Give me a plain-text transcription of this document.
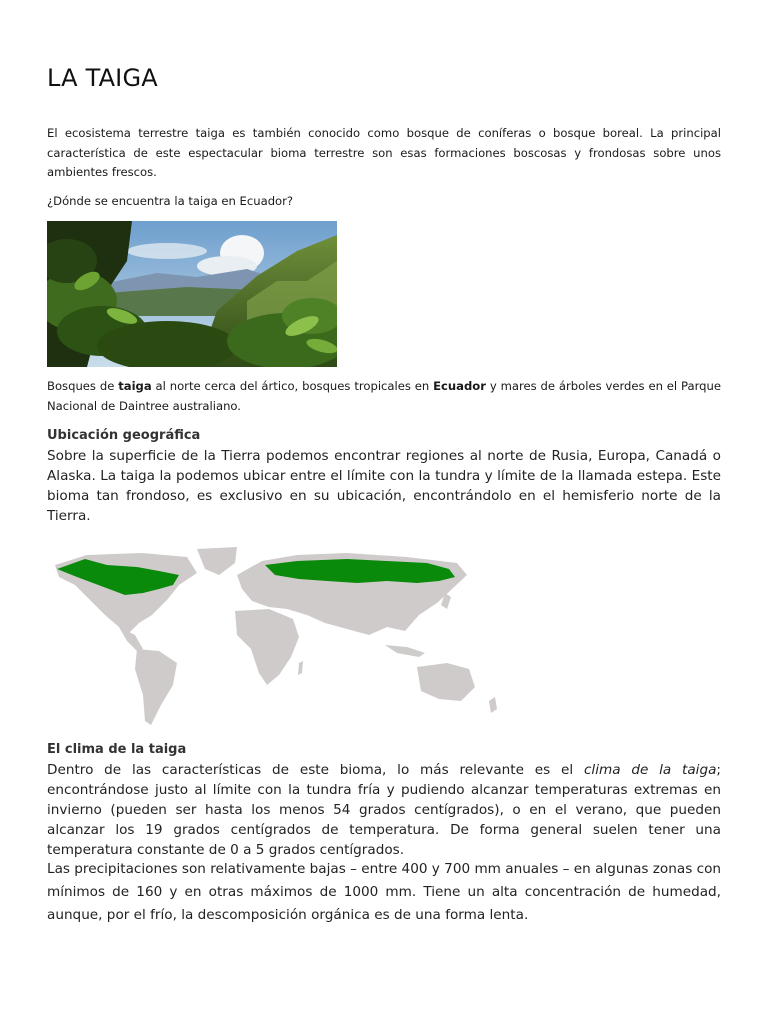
LA TAIGA

El ecosistema terrestre taiga es también conocido como bosque de coníferas o bosque boreal. La principal característica de este espectacular bioma terrestre son esas formaciones boscosas y frondosas sobre unos ambientes frescos.

¿Dónde se encuentra la taiga en Ecuador?

Bosques de taiga al norte cerca del ártico, bosques tropicales en Ecuador y mares de árboles verdes en el Parque Nacional de Daintree australiano.

Ubicación geográfica

Sobre la superficie de la Tierra podemos encontrar regiones al norte de Rusia, Europa, Canadá o Alaska. La taiga la podemos ubicar entre el límite con la tundra y límite de la llamada estepa. Este bioma tan frondoso, es exclusivo en su ubicación, encontrándolo en el hemisferio norte de la Tierra.

El clima de la taiga

Dentro de las características de este bioma, lo más relevante es el clima de la taiga; encontrándose justo al límite con la tundra fría y pudiendo alcanzar temperaturas extremas en invierno (pueden ser hasta los menos 54 grados centígrados), o en el verano, que pueden alcanzar los 19 grados centígrados de temperatura. De forma general suelen tener una temperatura constante de 0 a 5 grados centígrados.

Las precipitaciones son relativamente bajas – entre 400 y 700 mm anuales – en algunas zonas con mínimos de 160 y en otras máximos de 1000 mm. Tiene un alta concentración de humedad, aunque, por el frío, la descomposición orgánica es de una forma lenta.
